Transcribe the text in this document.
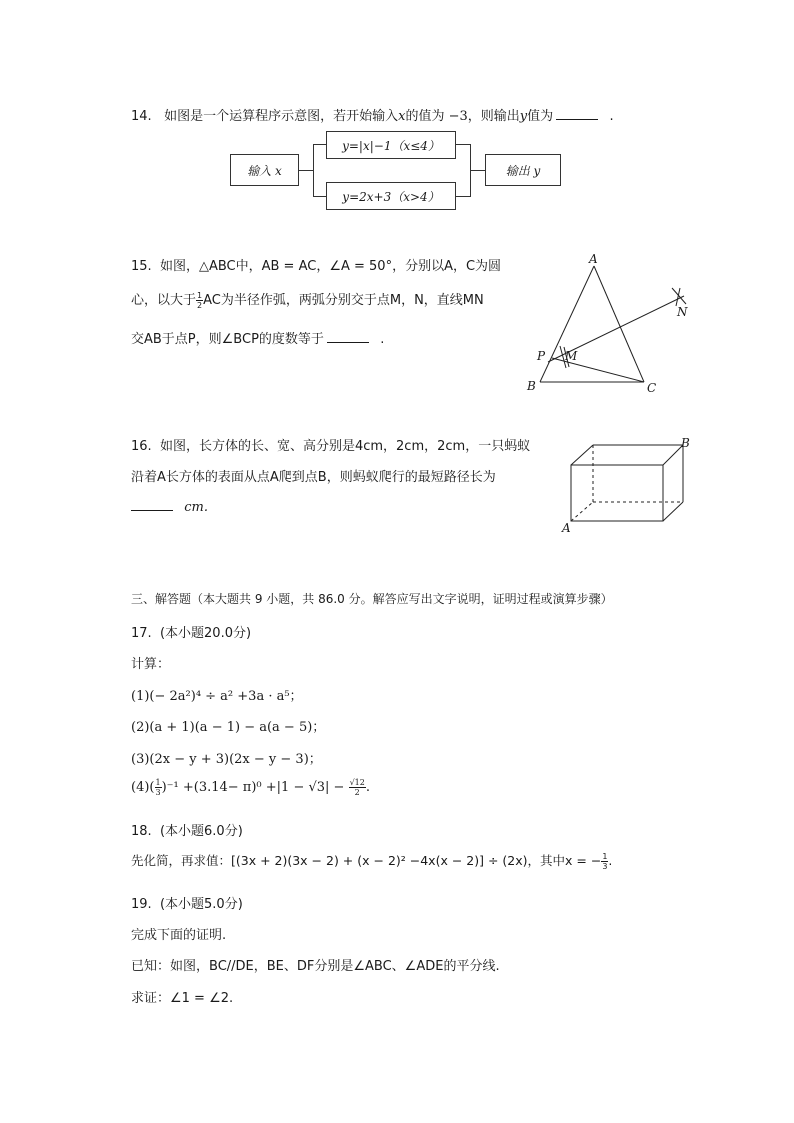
14. 如图是一个运算程序示意图，若开始输入x的值为 −3，则输出y值为	.
输入 x
y=|x|−1（x≤4）
y=2x+3（x>4）
输出 y
15. 如图，△ABC中，AB = AC，∠A = 50°，分别以A，C为圆
心，以大于 $\frac{1}{2}$ AC为半径作弧，两弧分别交于点M，N，直线MN
交AB于点P，则∠BCP的度数等于	.
A
B	C
P M
N
16. 如图，长方体的长、宽、高分别是4cm，2cm，2cm，一只蚂蚁
沿着A长方体的表面从点A爬到点B，则蚂蚁爬行的最短路径长为
cm.
A
B
三、解答题（本大题共 9 小题，共 86.0 分。解答应写出文字说明，证明过程或演算步骤）
17. (本小题20.0分)
计算：
(1)(− 2a²)⁴ ÷ a² +3a · a⁵；
(2)(a + 1)(a − 1) − a(a − 5)；
(3)(2x − y + 3)(2x − y − 3)；
$(4)( \frac{1}{3} )^{-1} +(3.14- \pi)^0 +|1 - √3| - \frac{√12}{2}$ .
18. (本小题6.0分)
先化简，再求值：[(3x + 2)(3x − 2) + (x − 2)² −4x(x − 2)] ÷ (2x)，其中x = − $\frac{1}{3}$ .
19. (本小题5.0分)
完成下面的证明.
已知：如图，BC//DE，BE、DF分别是∠ABC、∠ADE的平分线.
求证：∠1 = ∠2.
